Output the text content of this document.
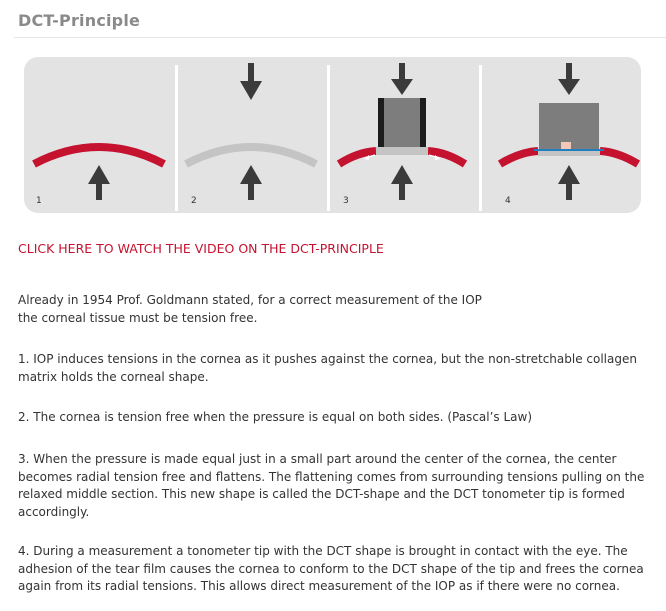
DCT-Principle
1	2	3	4
CLICK HERE TO WATCH THE VIDEO ON THE DCT-PRINCIPLE

Already in 1954 Prof. Goldmann stated, for a correct measurement of the IOP
the corneal tissue must be tension free.

1. IOP induces tensions in the cornea as it pushes against the cornea, but the non-stretchable collagen matrix holds the corneal shape.

2. The cornea is tension free when the pressure is equal on both sides. (Pascal’s Law)

3. When the pressure is made equal just in a small part around the center of the cornea, the center becomes radial tension free and flattens. The flattening comes from surrounding tensions pulling on the relaxed middle section. This new shape is called the DCT-shape and the DCT tonometer tip is formed accordingly.

4. During a measurement a tonometer tip with the DCT shape is brought in contact with the eye. The adhesion of the tear film causes the cornea to conform to the DCT shape of the tip and frees the cornea again from its radial tensions. This allows direct measurement of the IOP as if there were no cornea.
